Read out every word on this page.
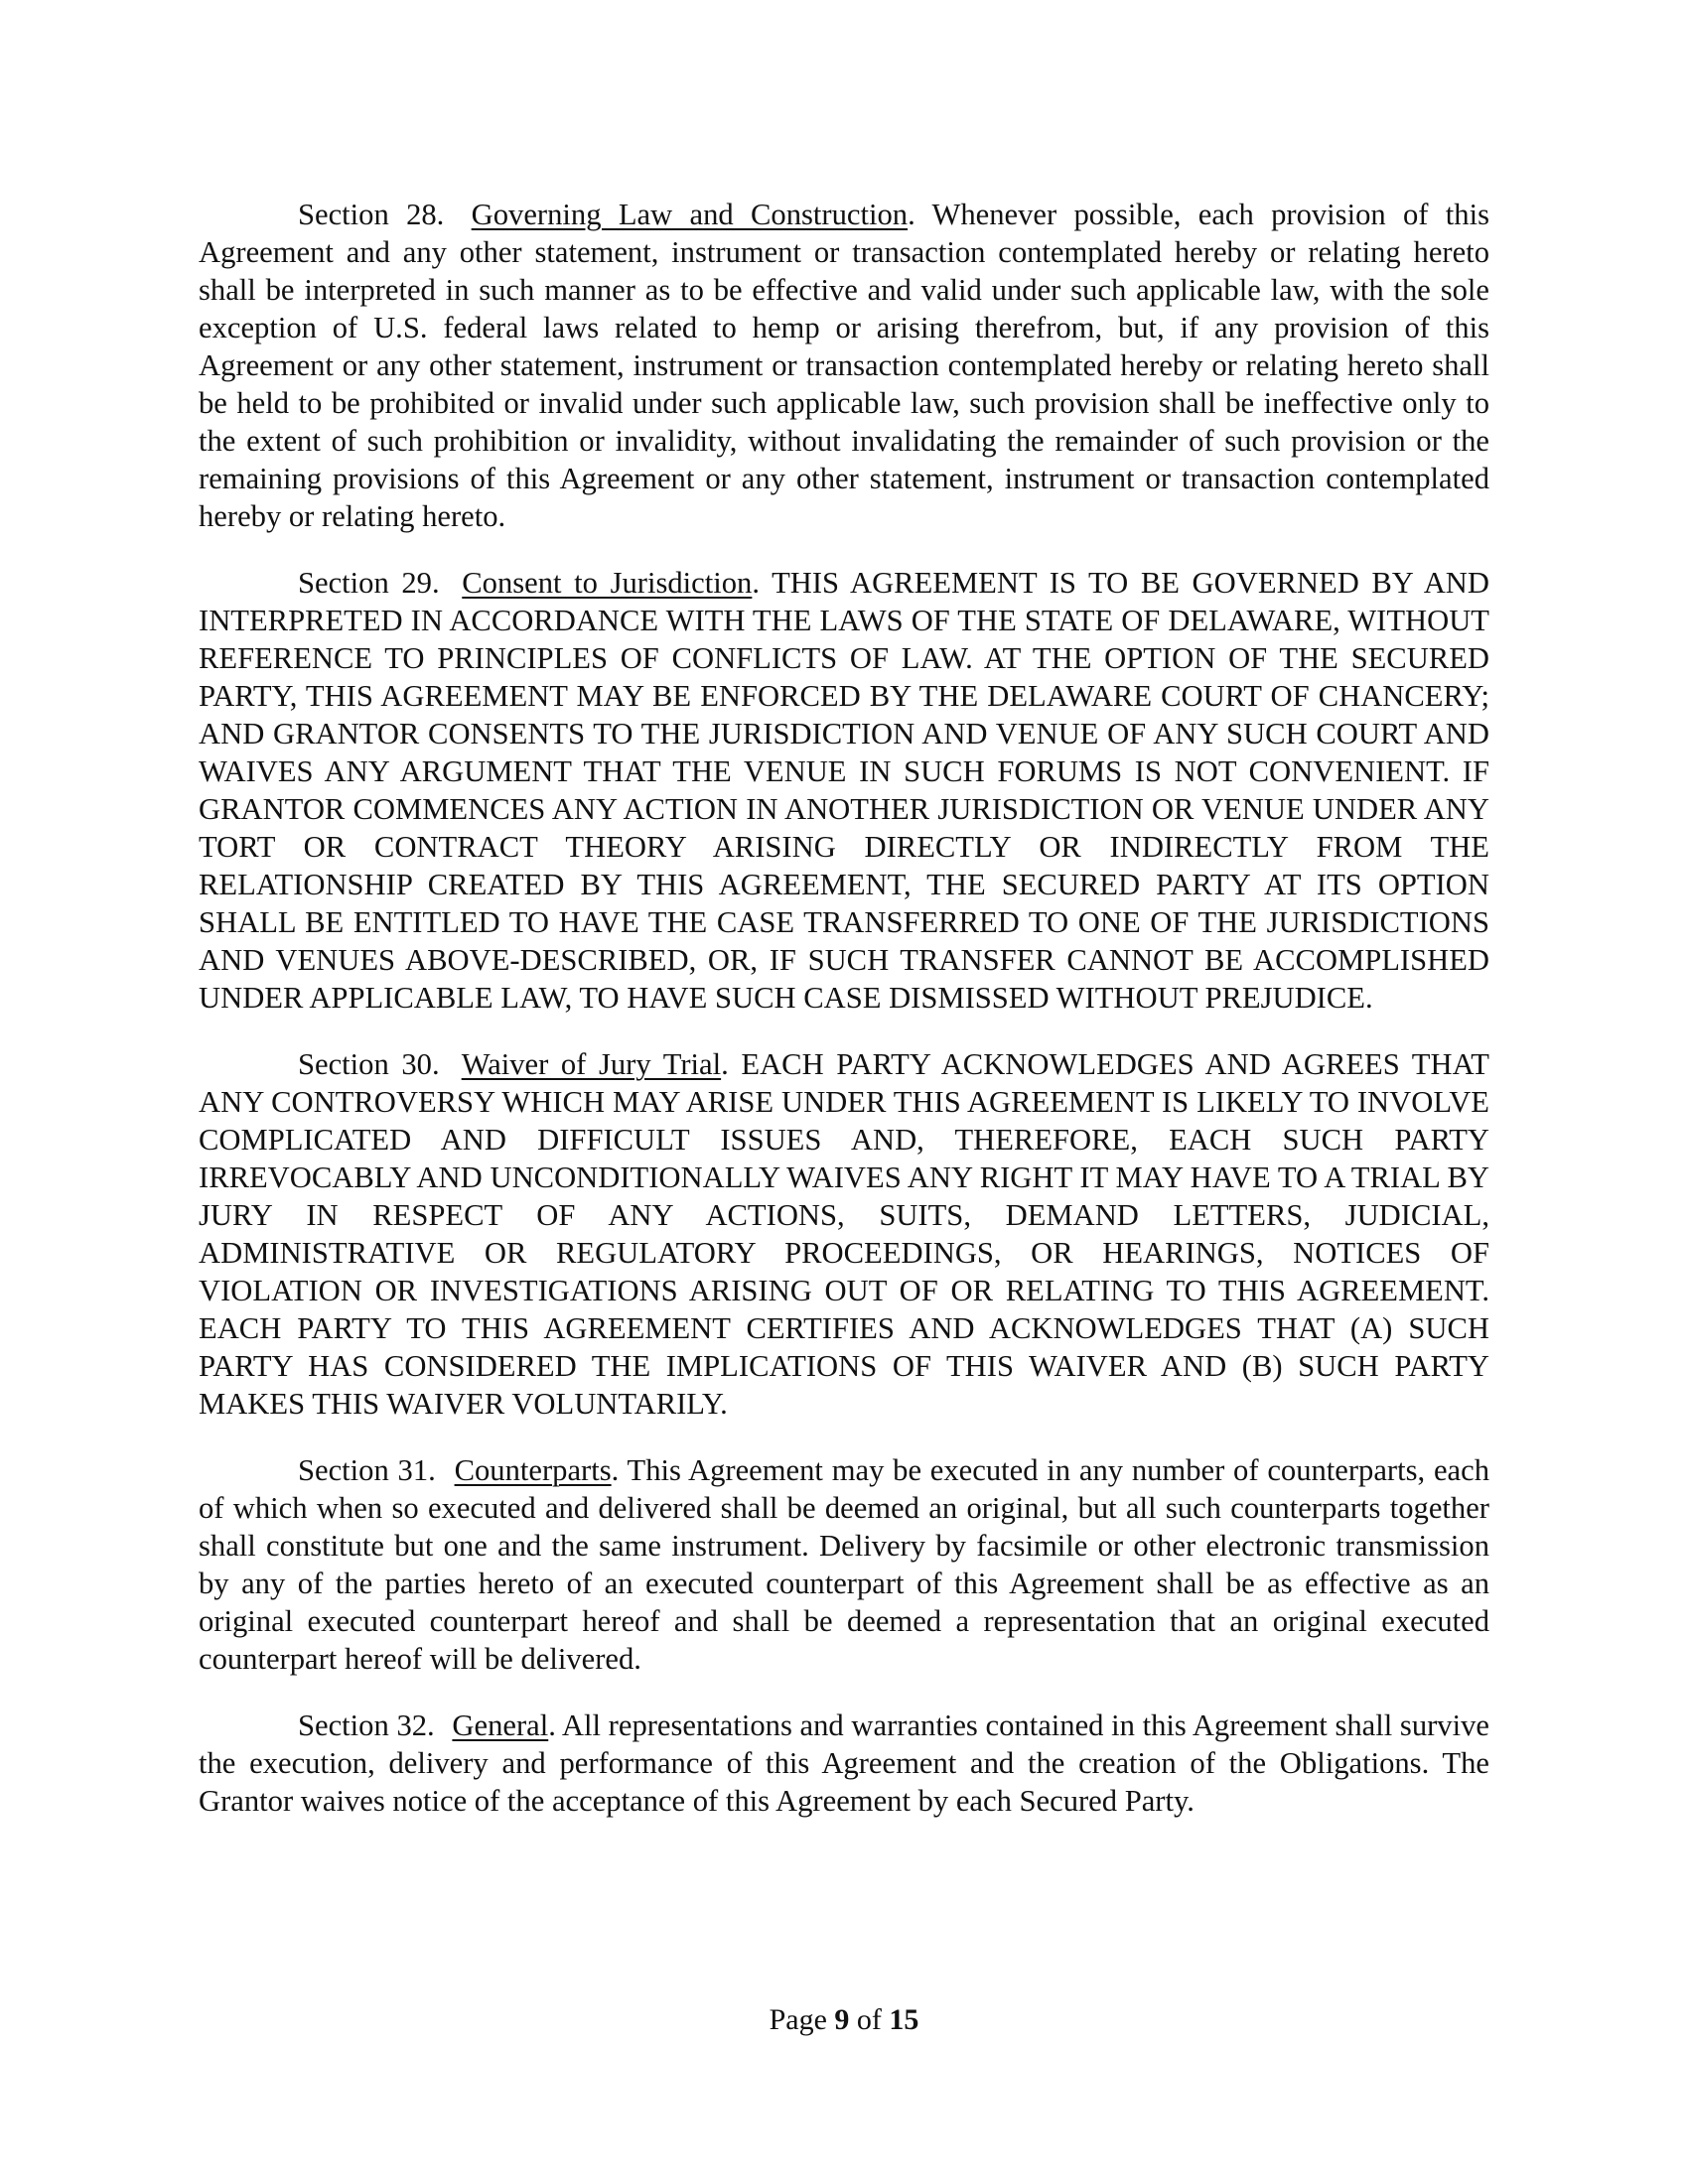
Section 28. Governing Law and Construction. Whenever possible, each provision of this Agreement and any other statement, instrument or transaction contemplated hereby or relating hereto shall be interpreted in such manner as to be effective and valid under such applicable law, with the sole exception of U.S. federal laws related to hemp or arising therefrom, but, if any provision of this Agreement or any other statement, instrument or transaction contemplated hereby or relating hereto shall be held to be prohibited or invalid under such applicable law, such provision shall be ineffective only to the extent of such prohibition or invalidity, without invalidating the remainder of such provision or the remaining provisions of this Agreement or any other statement, instrument or transaction contemplated hereby or relating hereto.

Section 29. Consent to Jurisdiction. THIS AGREEMENT IS TO BE GOVERNED BY AND INTERPRETED IN ACCORDANCE WITH THE LAWS OF THE STATE OF DELAWARE, WITHOUT REFERENCE TO PRINCIPLES OF CONFLICTS OF LAW. AT THE OPTION OF THE SECURED PARTY, THIS AGREEMENT MAY BE ENFORCED BY THE DELAWARE COURT OF CHANCERY; AND GRANTOR CONSENTS TO THE JURISDICTION AND VENUE OF ANY SUCH COURT AND WAIVES ANY ARGUMENT THAT THE VENUE IN SUCH FORUMS IS NOT CONVENIENT. IF GRANTOR COMMENCES ANY ACTION IN ANOTHER JURISDICTION OR VENUE UNDER ANY TORT OR CONTRACT THEORY ARISING DIRECTLY OR INDIRECTLY FROM THE RELATIONSHIP CREATED BY THIS AGREEMENT, THE SECURED PARTY AT ITS OPTION SHALL BE ENTITLED TO HAVE THE CASE TRANSFERRED TO ONE OF THE JURISDICTIONS AND VENUES ABOVE-DESCRIBED, OR, IF SUCH TRANSFER CANNOT BE ACCOMPLISHED UNDER APPLICABLE LAW, TO HAVE SUCH CASE DISMISSED WITHOUT PREJUDICE.

Section 30. Waiver of Jury Trial. EACH PARTY ACKNOWLEDGES AND AGREES THAT ANY CONTROVERSY WHICH MAY ARISE UNDER THIS AGREEMENT IS LIKELY TO INVOLVE COMPLICATED AND DIFFICULT ISSUES AND, THEREFORE, EACH SUCH PARTY IRREVOCABLY AND UNCONDITIONALLY WAIVES ANY RIGHT IT MAY HAVE TO A TRIAL BY JURY IN RESPECT OF ANY ACTIONS, SUITS, DEMAND LETTERS, JUDICIAL, ADMINISTRATIVE OR REGULATORY PROCEEDINGS, OR HEARINGS, NOTICES OF VIOLATION OR INVESTIGATIONS ARISING OUT OF OR RELATING TO THIS AGREEMENT. EACH PARTY TO THIS AGREEMENT CERTIFIES AND ACKNOWLEDGES THAT (A) SUCH PARTY HAS CONSIDERED THE IMPLICATIONS OF THIS WAIVER AND (B) SUCH PARTY MAKES THIS WAIVER VOLUNTARILY.

Section 31. Counterparts. This Agreement may be executed in any number of counterparts, each of which when so executed and delivered shall be deemed an original, but all such counterparts together shall constitute but one and the same instrument. Delivery by facsimile or other electronic transmission by any of the parties hereto of an executed counterpart of this Agreement shall be as effective as an original executed counterpart hereof and shall be deemed a representation that an original executed counterpart hereof will be delivered.

Section 32. General. All representations and warranties contained in this Agreement shall survive the execution, delivery and performance of this Agreement and the creation of the Obligations. The Grantor waives notice of the acceptance of this Agreement by each Secured Party.

Page 9 of 15
